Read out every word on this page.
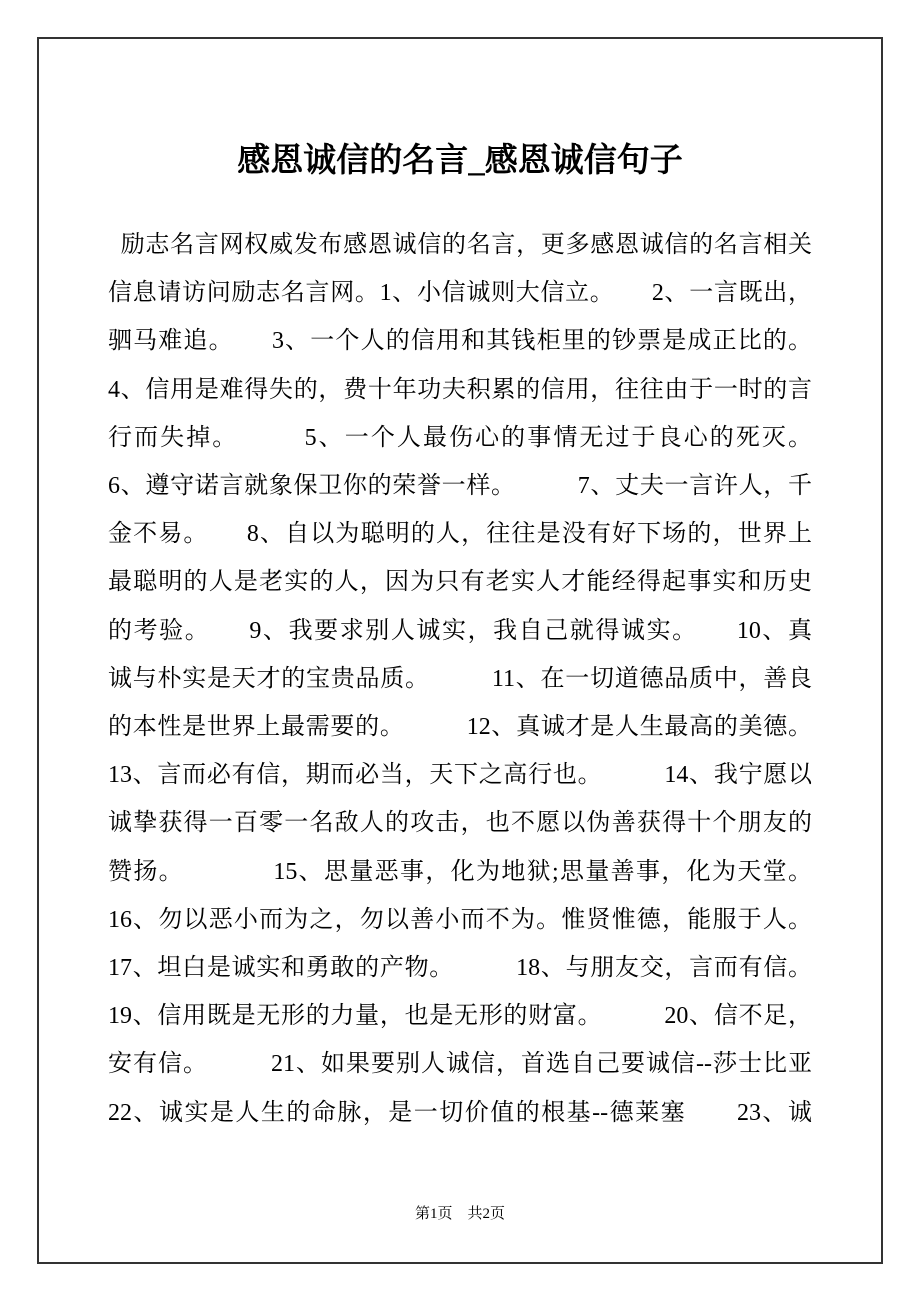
感恩诚信的名言_感恩诚信句子
 励志名言网权威发布感恩诚信的名言，更多感恩诚信的名言相关
信息请访问励志名言网。1、小信诚则大信立。　　2、一言既出，
驷马难追。　　3、一个人的信用和其钱柜里的钞票是成正比的。
4、信用是难得失的，费十年功夫积累的信用，往往由于一时的言
行而失掉。　　　5、一个人最伤心的事情无过于良心的死灭。
6、遵守诺言就象保卫你的荣誉一样。　　　7、丈夫一言许人，千
金不易。　　8、自以为聪明的人，往往是没有好下场的，世界上
最聪明的人是老实的人，因为只有老实人才能经得起事实和历史
的考验。　　9、我要求别人诚实，我自己就得诚实。　　10、真
诚与朴实是天才的宝贵品质。　　　11、在一切道德品质中，善良
的本性是世界上最需要的。　　　12、真诚才是人生最高的美德。
13、言而必有信，期而必当，天下之高行也。　　　14、我宁愿以
诚挚获得一百零一名敌人的攻击，也不愿以伪善获得十个朋友的
赞扬。　　　　15、思量恶事，化为地狱;思量善事，化为天堂。
16、勿以恶小而为之，勿以善小而不为。惟贤惟德，能服于人。
17、坦白是诚实和勇敢的产物。　　　18、与朋友交，言而有信。
19、信用既是无形的力量，也是无形的财富。　　　20、信不足，
安有信。　　　21、如果要别人诚信，首选自己要诚信--莎士比亚
22、诚实是人生的命脉，是一切价值的根基--德莱塞　　23、诚
第1页　共2页
